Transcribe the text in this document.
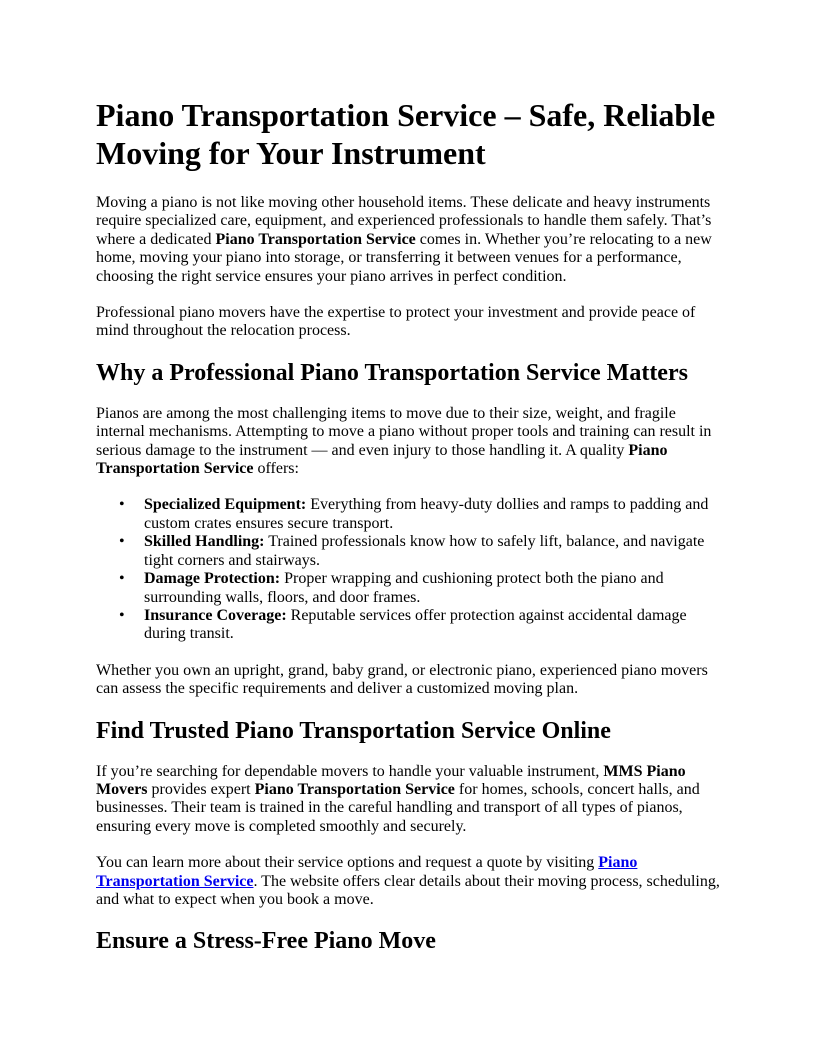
Piano Transportation Service – Safe, Reliable Moving for Your Instrument

Moving a piano is not like moving other household items. These delicate and heavy instruments require specialized care, equipment, and experienced professionals to handle them safely. That’s where a dedicated Piano Transportation Service comes in. Whether you’re relocating to a new home, moving your piano into storage, or transferring it between venues for a performance, choosing the right service ensures your piano arrives in perfect condition.

Professional piano movers have the expertise to protect your investment and provide peace of mind throughout the relocation process.

Why a Professional Piano Transportation Service Matters

Pianos are among the most challenging items to move due to their size, weight, and fragile internal mechanisms. Attempting to move a piano without proper tools and training can result in serious damage to the instrument — and even injury to those handling it. A quality Piano Transportation Service offers:

• Specialized Equipment: Everything from heavy-duty dollies and ramps to padding and custom crates ensures secure transport.
• Skilled Handling: Trained professionals know how to safely lift, balance, and navigate tight corners and stairways.
• Damage Protection: Proper wrapping and cushioning protect both the piano and surrounding walls, floors, and door frames.
• Insurance Coverage: Reputable services offer protection against accidental damage during transit.

Whether you own an upright, grand, baby grand, or electronic piano, experienced piano movers can assess the specific requirements and deliver a customized moving plan.

Find Trusted Piano Transportation Service Online

If you’re searching for dependable movers to handle your valuable instrument, MMS Piano Movers provides expert Piano Transportation Service for homes, schools, concert halls, and businesses. Their team is trained in the careful handling and transport of all types of pianos, ensuring every move is completed smoothly and securely.

You can learn more about their service options and request a quote by visiting Piano Transportation Service. The website offers clear details about their moving process, scheduling, and what to expect when you book a move.

Ensure a Stress-Free Piano Move
